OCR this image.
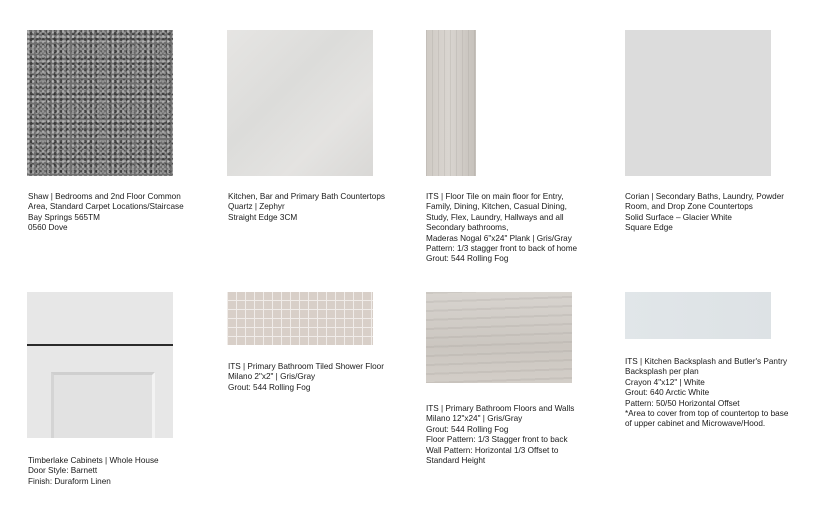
Shaw | Bedrooms and 2nd Floor Common
Area, Standard Carpet Locations/Staircase
Bay Springs 565TM
0560 Dove
Kitchen, Bar and Primary Bath Countertops
Quartz | Zephyr
Straight Edge 3CM
ITS | Floor Tile on main floor for Entry,
Family, Dining, Kitchen, Casual Dining,
Study, Flex, Laundry, Hallways and all
Secondary bathrooms,
Maderas Nogal 6"x24" Plank | Gris/Gray
Pattern: 1/3 stagger front to back of home
Grout: 544 Rolling Fog
Corian | Secondary Baths, Laundry, Powder
Room, and Drop Zone Countertops
Solid Surface – Glacier White
Square Edge
Timberlake Cabinets | Whole House
Door Style: Barnett
Finish: Duraform Linen
ITS | Primary Bathroom Tiled Shower Floor
Milano 2"x2" | Gris/Gray
Grout: 544 Rolling Fog
ITS | Primary Bathroom Floors and Walls
Milano 12"x24" | Gris/Gray
Grout: 544 Rolling Fog
Floor Pattern: 1/3 Stagger front to back
Wall Pattern: Horizontal 1/3 Offset to
Standard Height
ITS | Kitchen Backsplash and Butler's Pantry
Backsplash per plan
Crayon 4"x12" | White
Grout: 640 Arctic White
Pattern: 50/50 Horizontal Offset
*Area to cover from top of countertop to base
of upper cabinet and Microwave/Hood.
